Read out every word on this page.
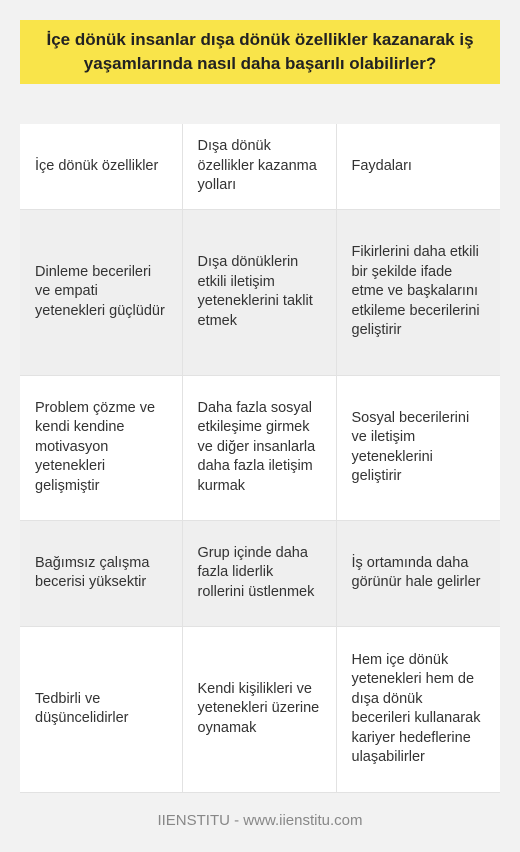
İçe dönük insanlar dışa dönük özellikler kazanarak iş yaşamlarında nasıl daha başarılı olabilirler?
İçe dönük özellikler	Dışa dönük özellikler kazanma yolları	Faydaları
Dinleme becerileri ve empati yetenekleri güçlüdür	Dışa dönüklerin etkili iletişim yeteneklerini taklit etmek	Fikirlerini daha etkili bir şekilde ifade etme ve başkalarını etkileme becerilerini geliştirir
Problem çözme ve kendi kendine motivasyon yetenekleri gelişmiştir	Daha fazla sosyal etkileşime girmek ve diğer insanlarla daha fazla iletişim kurmak	Sosyal becerilerini ve iletişim yeteneklerini geliştirir
Bağımsız çalışma becerisi yüksektir	Grup içinde daha fazla liderlik rollerini üstlenmek	İş ortamında daha görünür hale gelirler
Tedbirli ve düşüncelidirler	Kendi kişilikleri ve yetenekleri üzerine oynamak	Hem içe dönük yetenekleri hem de dışa dönük becerileri kullanarak kariyer hedeflerine ulaşabilirler
IIENSTITU - www.iienstitu.com
